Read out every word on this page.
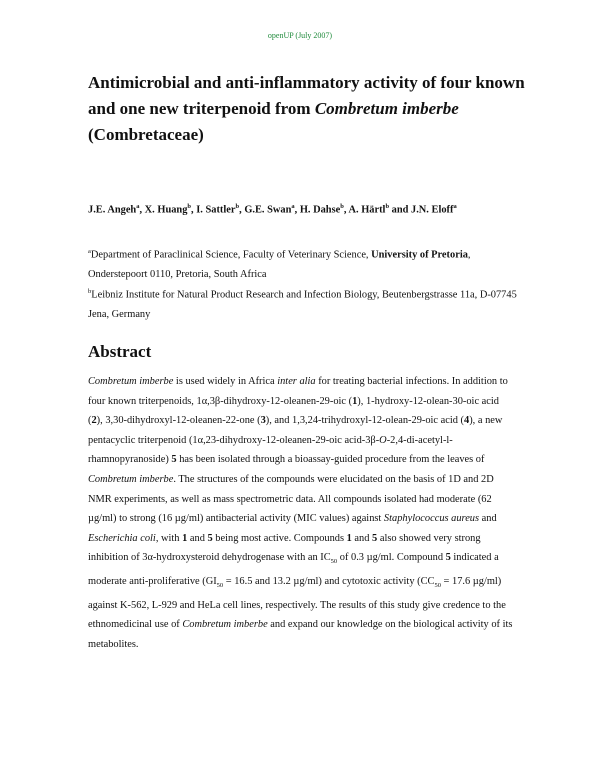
openUP (July 2007)
Antimicrobial and anti-inflammatory activity of four known and one new triterpenoid from Combretum imberbe (Combretaceae)
J.E. Angeh$^a$, X. Huang$^b$, I. Sattler$^b$, G.E. Swan$^a$, H. Dahse$^b$, A. Härtl$^b$ and J.N. Eloff$^a$
$^a$Department of Paraclinical Science, Faculty of Veterinary Science, University of Pretoria, Onderstepoort 0110, Pretoria, South Africa
$^b$Leibniz Institute for Natural Product Research and Infection Biology, Beutenbergstrasse 11a, D-07745 Jena, Germany
Abstract
Combretum imberbe is used widely in Africa inter alia for treating bacterial infections. In addition to four known triterpenoids, 1α,3β-dihydroxy-12-oleanen-29-oic (1), 1-hydroxy-12-olean-30-oic acid (2), 3,30-dihydroxyl-12-oleanen-22-one (3), and 1,3,24-trihydroxyl-12-olean-29-oic acid (4), a new pentacyclic triterpenoid (1α,23-dihydroxy-12-oleanen-29-oic acid-3β-O-2,4-di-acetyl-l-rhamnopyranoside) 5 has been isolated through a bioassay-guided procedure from the leaves of Combretum imberbe. The structures of the compounds were elucidated on the basis of 1D and 2D NMR experiments, as well as mass spectrometric data. All compounds isolated had moderate (62 µg/ml) to strong (16 µg/ml) antibacterial activity (MIC values) against Staphylococcus aureus and Escherichia coli, with 1 and 5 being most active. Compounds 1 and 5 also showed very strong inhibition of 3α-hydroxysteroid dehydrogenase with an $IC_{50}$ of 0.3 µg/ml. Compound 5 indicated a moderate anti-proliferative ($GI_{50} = 16.5$ and 13.2 µg/ml) and cytotoxic activity ($CC_{50} = 17.6$ µg/ml) against K-562, L-929 and HeLa cell lines, respectively. The results of this study give credence to the ethnomedicinal use of Combretum imberbe and expand our knowledge on the biological activity of its metabolites.
